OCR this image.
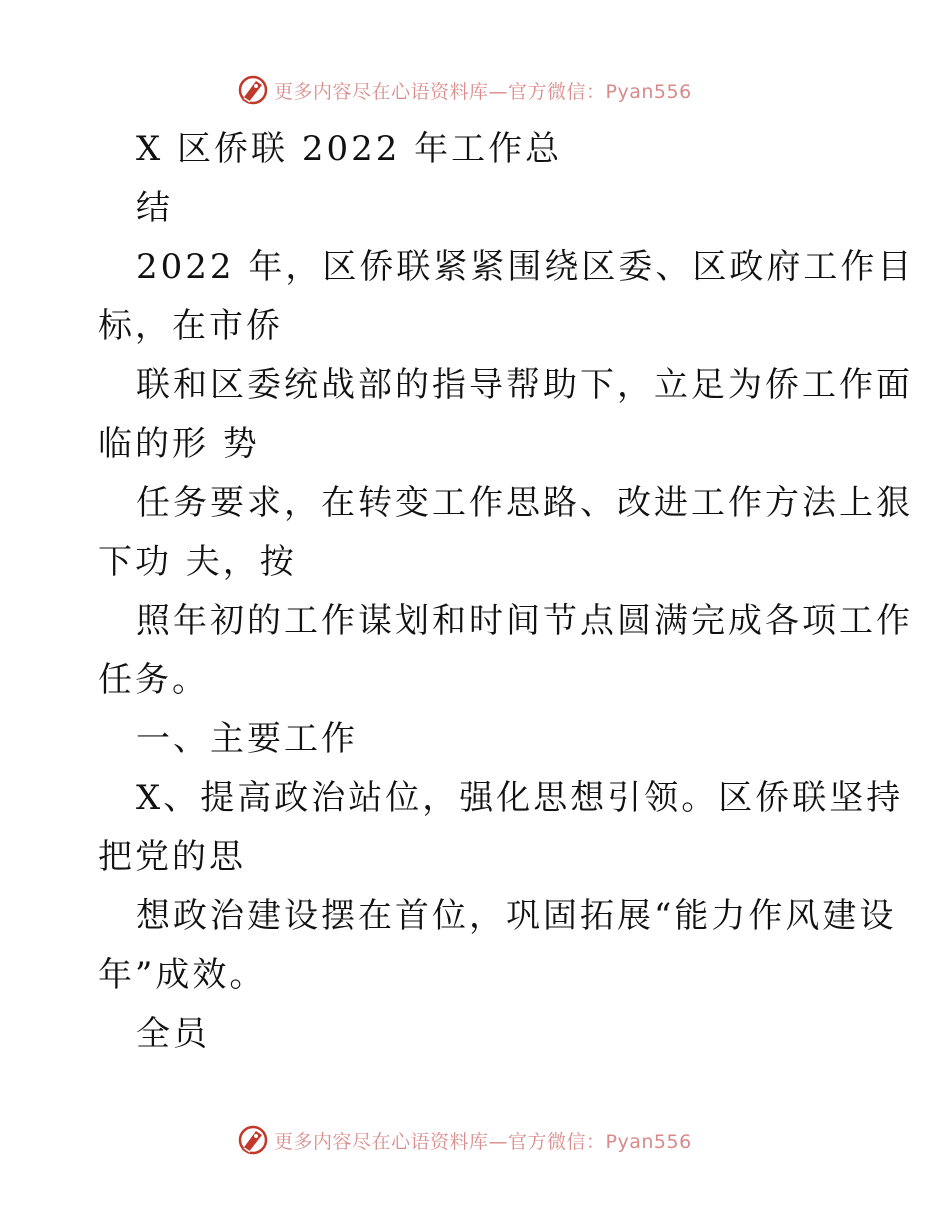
更多内容尽在心语资料库—官方微信：Pyan556
X 区侨联 2022 年工作总
结
2022 年，区侨联紧紧围绕区委、区政府工作目
标，在市侨
联和区委统战部的指导帮助下，立足为侨工作面
临的形 势
任务要求，在转变工作思路、改进工作方法上狠
下功 夫，按
照年初的工作谋划和时间节点圆满完成各项工作
任务。
一、主要工作
X、提高政治站位，强化思想引领。区侨联坚持
把党的思
想政治建设摆在首位，巩固拓展“能力作风建设
年”成效。
全员
更多内容尽在心语资料库—官方微信：Pyan556
